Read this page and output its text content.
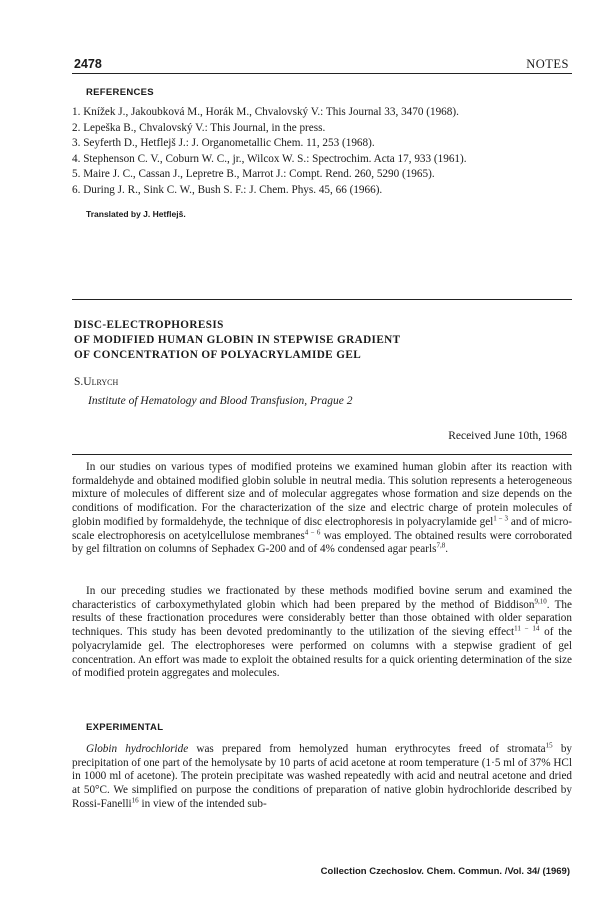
2478	NOTES
REFERENCES
1. Knížek J., Jakoubková M., Horák M., Chvalovský V.: This Journal 33, 3470 (1968).
2. Lepeška B., Chvalovský V.: This Journal, in the press.
3. Seyferth D., Hetflejš J.: J. Organometallic Chem. 11, 253 (1968).
4. Stephenson C. V., Coburn W. C., jr., Wilcox W. S.: Spectrochim. Acta 17, 933 (1961).
5. Maire J. C., Cassan J., Lepretre B., Marrot J.: Compt. Rend. 260, 5290 (1965).
6. During J. R., Sink C. W., Bush S. F.: J. Chem. Phys. 45, 66 (1966).
Translated by J. Hetflejš.
DISC-ELECTROPHORESIS
OF MODIFIED HUMAN GLOBIN IN STEPWISE GRADIENT
OF CONCENTRATION OF POLYACRYLAMIDE GEL
S.Ulrych
Institute of Hematology and Blood Transfusion, Prague 2
Received June 10th, 1968

In our studies on various types of modified proteins we examined human globin after its reaction with formaldehyde and obtained modified globin soluble in neutral media. This solution represents a heterogeneous mixture of molecules of different size and of molecular aggregates whose formation and size depends on the conditions of modification. For the characterization of the size and electric charge of protein molecules of globin modified by formaldehyde, the technique of disc electrophoresis in polyacrylamide gel$^{1 - 3}$ and of micro-scale electrophoresis on acetylcellulose membranes$^{4 - 6}$ was employed. The obtained results were corroborated by gel filtration on columns of Sephadex G-200 and of 4% condensed agar pearls$^{7,8}$.

In our preceding studies we fractionated by these methods modified bovine serum and examined the characteristics of carboxymethylated globin which had been prepared by the method of Biddison$^{9,10}$. The results of these fractionation procedures were considerably better than those obtained with older separation techniques. This study has been devoted predominantly to the utilization of the sieving effect$^{11 - 14}$ of the polyacrylamide gel. The electrophoreses were performed on columns with a stepwise gradient of gel concentration. An effort was made to exploit the obtained results for a quick orienting determination of the size of modified protein aggregates and molecules.

EXPERIMENTAL

Globin hydrochloride was prepared from hemolyzed human erythrocytes freed of stromata$^{15}$ by precipitation of one part of the hemolysate by 10 parts of acid acetone at room temperature (1·5 ml of 37% HCl in 1000 ml of acetone). The protein precipitate was washed repeatedly with acid and neutral acetone and dried at 50°C. We simplified on purpose the conditions of preparation of native globin hydrochloride described by Rossi-Fanelli$^{16}$ in view of the intended sub-

Collection Czechoslov. Chem. Commun. /Vol. 34/ (1969)
